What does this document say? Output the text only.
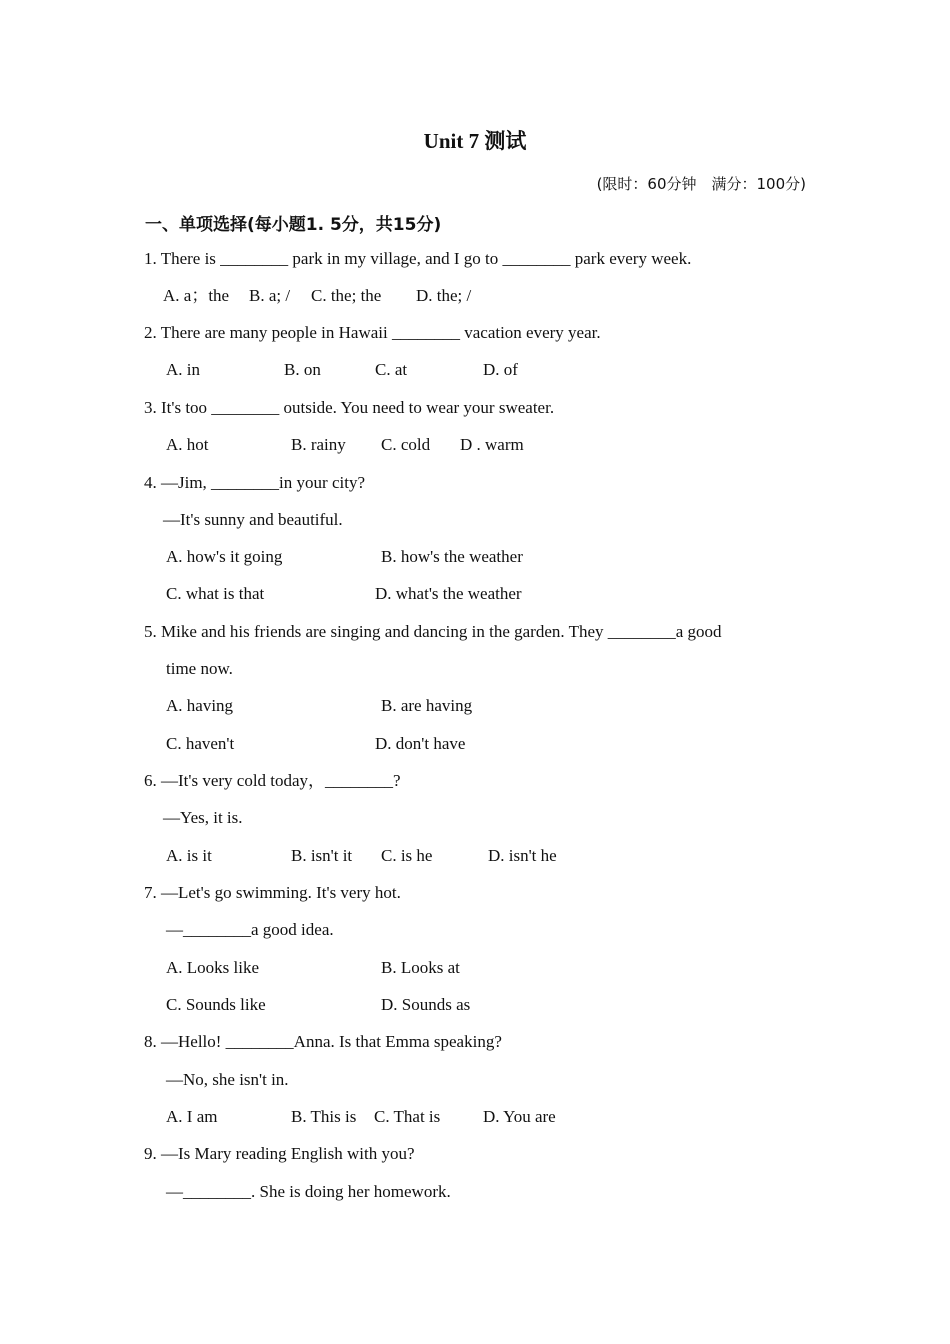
Unit 7 测试
(限时：60分钟　满分：100分)
一、单项选择(每小题1. 5分，共15分)
1. There is ________ park in my village, and I go to ________ park every week.
A. a；the B. a; / C. the; the D. the; /
2. There are many people in Hawaii ________ vacation every year.
A. in	B. on	C. at	D. of
3. It's too ________ outside. You need to wear your sweater.
A. hot	B. rainy C. cold D . warm
4. —Jim, ________in your city?
—It's sunny and beautiful.
A. how's it going	B. how's the weather
C. what is that	D. what's the weather
5. Mike and his friends are singing and dancing in the garden. They ________a good
time now.
A. having	B. are having
C. haven't	D. don't have
6. —It's very cold today，________?
—Yes, it is.
A. is it	B. isn't it C. is he	D. isn't he
7. —Let's go swimming. It's very hot.
—________a good idea.
A. Looks like	B. Looks at
C. Sounds like	D. Sounds as
8. —Hello! ________Anna. Is that Emma speaking?
—No, she isn't in.
A. I am	B. This is C. That is	D. You are
9. —Is Mary reading English with you?
—________. She is doing her homework.
